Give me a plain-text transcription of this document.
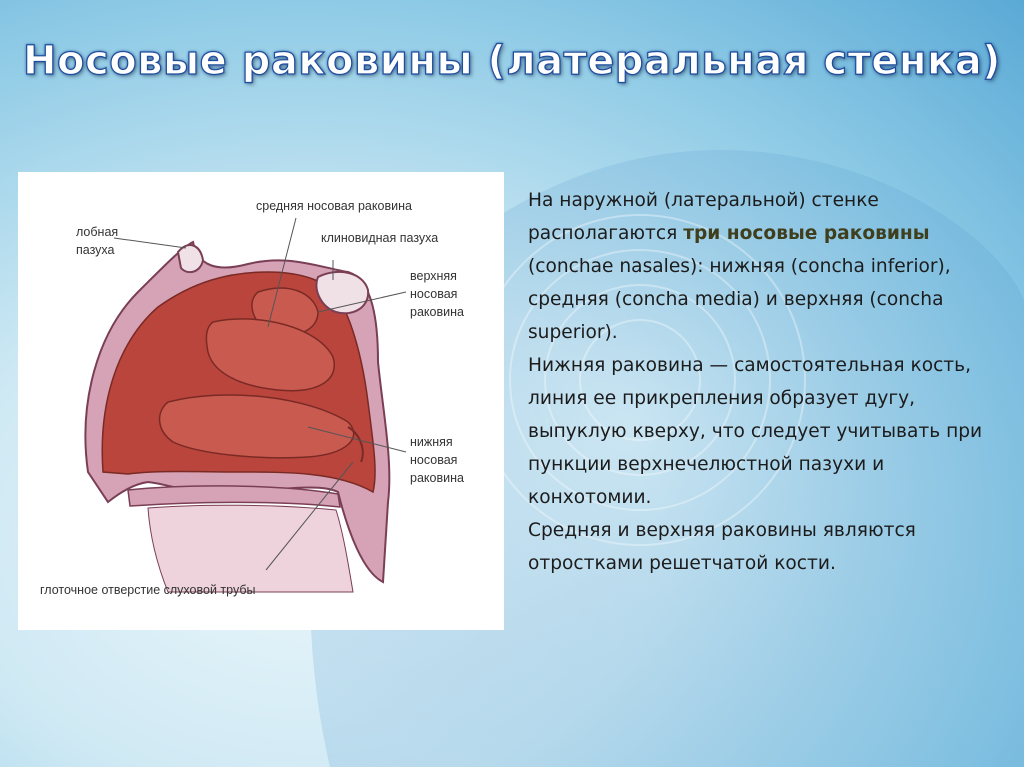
Носовые раковины (латеральная стенка)
лобная
пазуха
средняя носовая раковина
клиновидная пазуха
верхняя
носовая
раковина
нижняя
носовая
раковина
глоточное отверстие слуховой трубы

На наружной (латеральной) стенке располагаются три носовые раковины (conchae nasales): нижняя (concha inferior), средняя (concha media) и верхняя (concha superior).

Нижняя раковина — самостоятельная кость, линия ее прикрепления образует дугу, выпуклую кверху, что следует учитывать при пункции верхнечелюстной пазухи и конхотомии.

Средняя и верхняя раковины являются отростками решетчатой кости.
